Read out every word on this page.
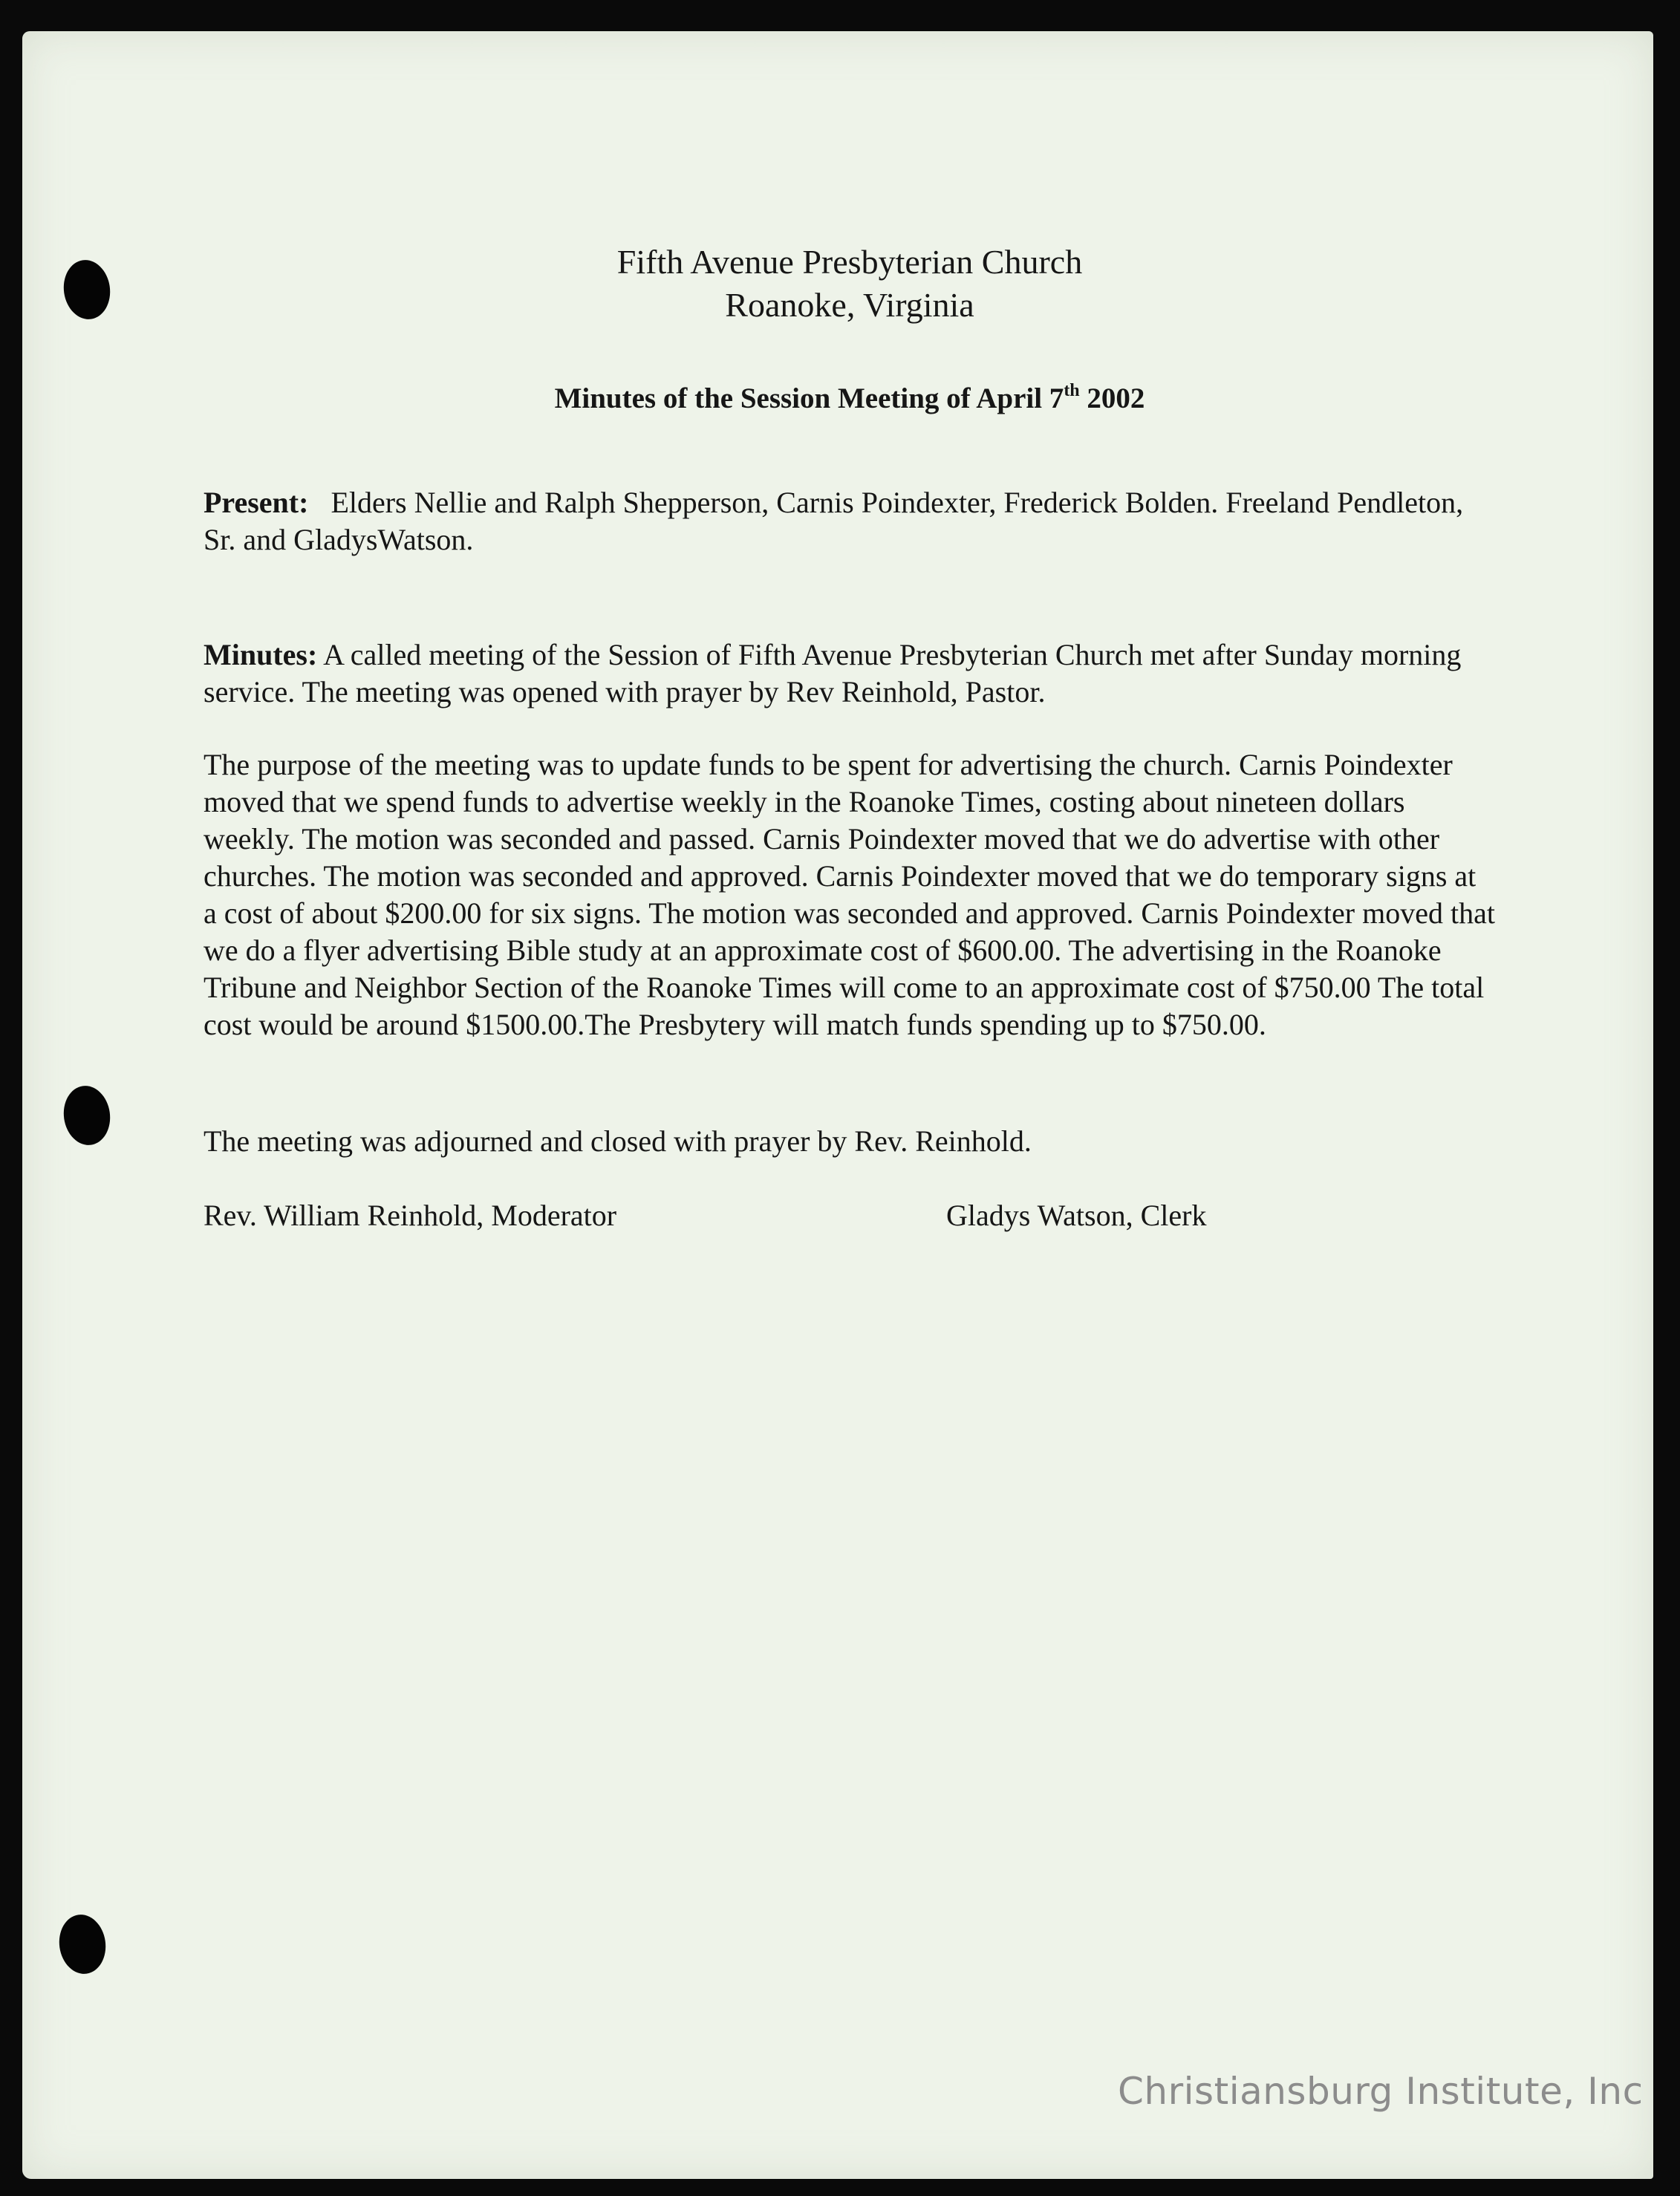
Fifth Avenue Presbyterian Church
Roanoke, Virginia
Minutes of the Session Meeting of April 7th 2002

Present: Elders Nellie and Ralph Shepperson, Carnis Poindexter, Frederick Bolden. Freeland Pendleton, Sr. and GladysWatson.

Minutes: A called meeting of the Session of Fifth Avenue Presbyterian Church met after Sunday morning service. The meeting was opened with prayer by Rev Reinhold, Pastor.

The purpose of the meeting was to update funds to be spent for advertising the church. Carnis Poindexter moved that we spend funds to advertise weekly in the Roanoke Times, costing about nineteen dollars weekly. The motion was seconded and passed. Carnis Poindexter moved that we do advertise with other churches. The motion was seconded and approved. Carnis Poindexter moved that we do temporary signs at a cost of about $200.00 for six signs. The motion was seconded and approved. Carnis Poindexter moved that we do a flyer advertising Bible study at an approximate cost of $600.00. The advertising in the Roanoke Tribune and Neighbor Section of the Roanoke Times will come to an approximate cost of $750.00 The total cost would be around $1500.00.The Presbytery will match funds spending up to $750.00.

The meeting was adjourned and closed with prayer by Rev. Reinhold.

Rev. William Reinhold, Moderator	Gladys Watson, Clerk
Christiansburg Institute, Inc
